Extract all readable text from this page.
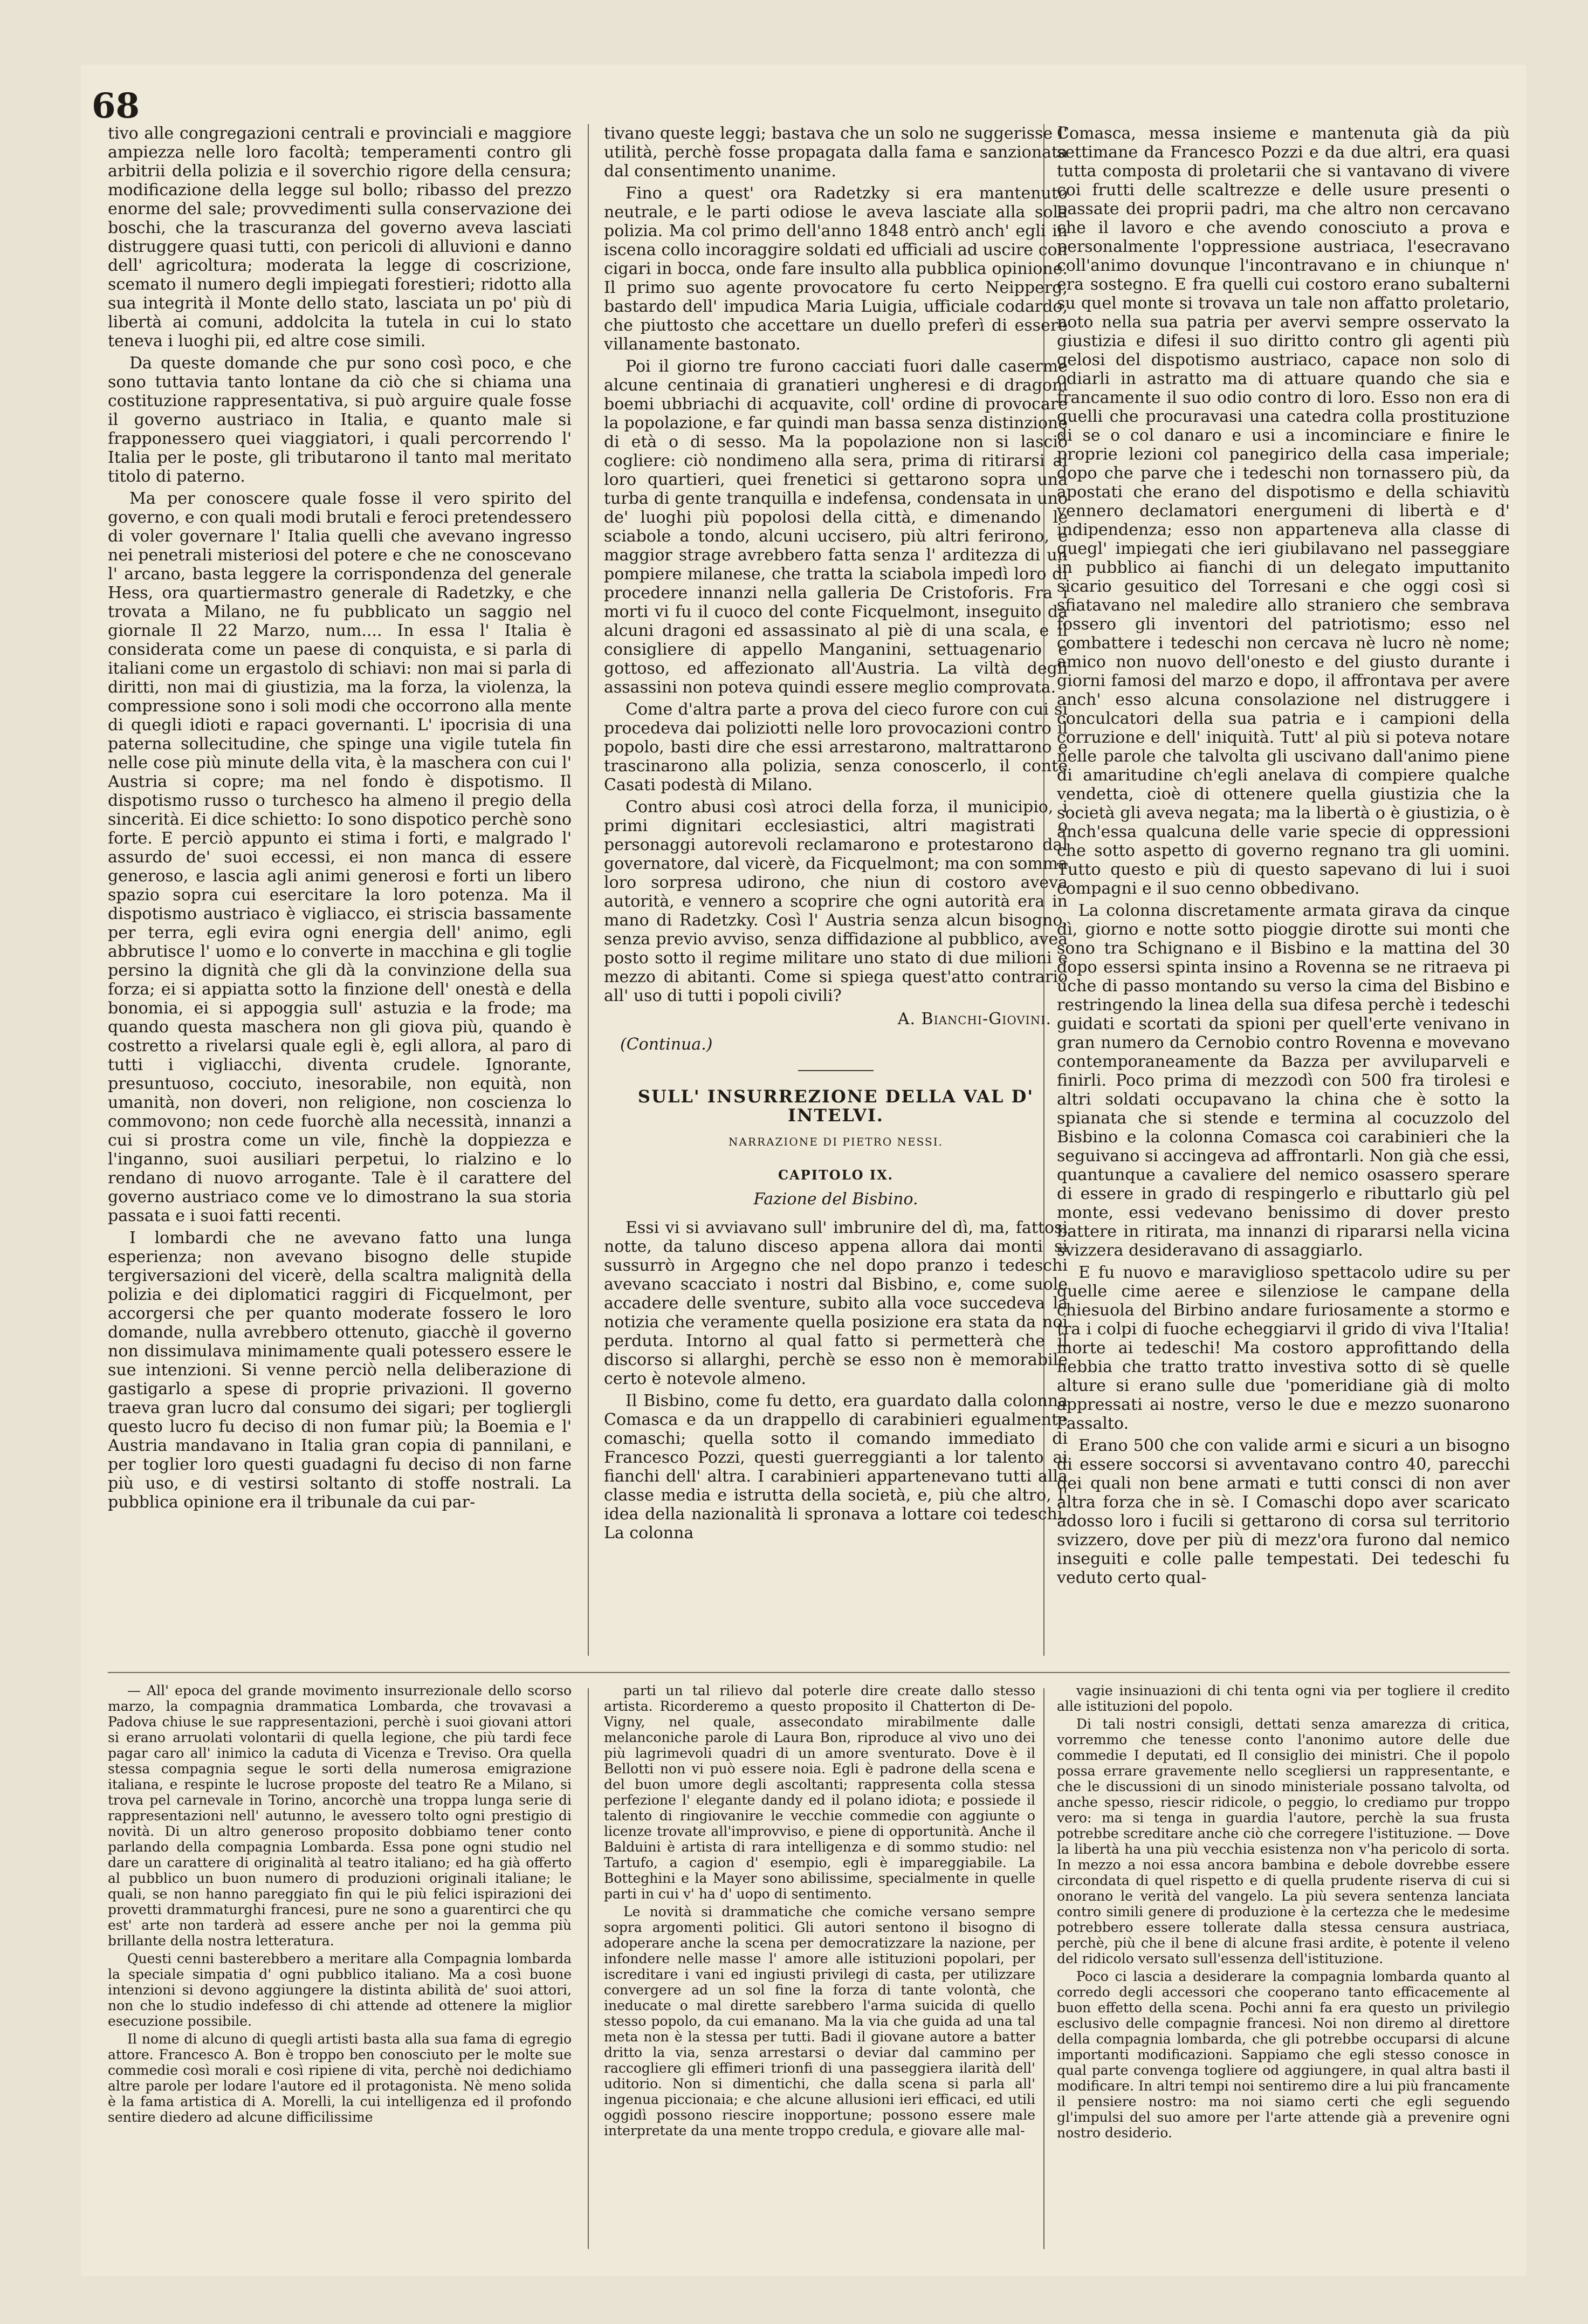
68

tivo alle congregazioni centrali e provinciali e maggiore ampiezza nelle loro facoltà; temperamenti contro gli arbitrii della polizia e il soverchio rigore della censura; modificazione della legge sul bollo; ribasso del prezzo enorme del sale; provvedimenti sulla conservazione dei boschi, che la trascuranza del governo aveva lasciati distruggere quasi tutti, con pericoli di alluvioni e danno dell' agricoltura; moderata la legge di coscrizione, scemato il numero degli impiegati forestieri; ridotto alla sua integrità il Monte dello stato, lasciata un po' più di libertà ai comuni, addolcita la tutela in cui lo stato teneva i luoghi pii, ed altre cose simili.

Da queste domande che pur sono così poco, e che sono tuttavia tanto lontane da ciò che si chiama una costituzione rappresentativa, si può arguire quale fosse il governo austriaco in Italia, e quanto male si frapponessero quei viaggiatori, i quali percorrendo l' Italia per le poste, gli tributarono il tanto mal meritato titolo di paterno.

Ma per conoscere quale fosse il vero spirito del governo, e con quali modi brutali e feroci pretendessero di voler governare l' Italia quelli che avevano ingresso nei penetrali misteriosi del potere e che ne conoscevano l' arcano, basta leggere la corrispondenza del generale Hess, ora quartiermastro generale di Radetzky, e che trovata a Milano, ne fu pubblicato un saggio nel giornale Il 22 Marzo, num.... In essa l' Italia è considerata come un paese di conquista, e si parla di italiani come un ergastolo di schiavi: non mai si parla di diritti, non mai di giustizia, ma la forza, la violenza, la compressione sono i soli modi che occorrono alla mente di quegli idioti e rapaci governanti. L' ipocrisia di una paterna sollecitudine, che spinge una vigile tutela fin nelle cose più minute della vita, è la maschera con cui l' Austria si copre; ma nel fondo è dispotismo. Il dispotismo russo o turchesco ha almeno il pregio della sincerità. Ei dice schietto: Io sono dispotico perchè sono forte. E perciò appunto ei stima i forti, e malgrado l' assurdo de' suoi eccessi, ei non manca di essere generoso, e lascia agli animi generosi e forti un libero spazio sopra cui esercitare la loro potenza. Ma il dispotismo austriaco è vigliacco, ei striscia bassamente per terra, egli evira ogni energia dell' animo, egli abbrutisce l' uomo e lo converte in macchina e gli toglie persino la dignità che gli dà la convinzione della sua forza; ei si appiatta sotto la finzione dell' onestà e della bonomia, ei si appoggia sull' astuzia e la frode; ma quando questa maschera non gli giova più, quando è costretto a rivelarsi quale egli è, egli allora, al paro di tutti i vigliacchi, diventa crudele. Ignorante, presuntuoso, cocciuto, inesorabile, non equità, non umanità, non doveri, non religione, non coscienza lo commovono; non cede fuorchè alla necessità, innanzi a cui si prostra come un vile, finchè la doppiezza e l'inganno, suoi ausiliari perpetui, lo rialzino e lo rendano di nuovo arrogante. Tale è il carattere del governo austriaco come ve lo dimostrano la sua storia passata e i suoi fatti recenti.

I lombardi che ne avevano fatto una lunga esperienza; non avevano bisogno delle stupide tergiversazioni del vicerè, della scaltra malignità della polizia e dei diplomatici raggiri di Ficquelmont, per accorgersi che per quanto moderate fossero le loro domande, nulla avrebbero ottenuto, giacchè il governo non dissimulava minimamente quali potessero essere le sue intenzioni. Si venne perciò nella deliberazione di gastigarlo a spese di proprie privazioni. Il governo traeva gran lucro dal consumo dei sigari; per togliergli questo lucro fu deciso di non fumar più; la Boemia e l' Austria mandavano in Italia gran copia di pannilani, e per toglier loro questi guadagni fu deciso di non farne più uso, e di vestirsi soltanto di stoffe nostrali. La pubblica opinione era il tribunale da cui par-

tivano queste leggi; bastava che un solo ne suggerisse l' utilità, perchè fosse propagata dalla fama e sanzionata dal consentimento unanime.

Fino a quest' ora Radetzky si era mantenuto neutrale, e le parti odiose le aveva lasciate alla sola polizia. Ma col primo dell'anno 1848 entrò anch' egli in iscena collo incoraggire soldati ed ufficiali ad uscire con cigari in bocca, onde fare insulto alla pubblica opinione. Il primo suo agente provocatore fu certo Neipperg, bastardo dell' impudica Maria Luigia, ufficiale codardo, che piuttosto che accettare un duello preferì di essere villanamente bastonato.

Poi il giorno tre furono cacciati fuori dalle caserme alcune centinaia di granatieri ungheresi e di dragoni boemi ubbriachi di acquavite, coll' ordine di provocare la popolazione, e far quindi man bassa senza distinzione di età o di sesso. Ma la popolazione non si lasciò cogliere: ciò nondimeno alla sera, prima di ritirarsi ai loro quartieri, quei frenetici si gettarono sopra una turba di gente tranquilla e indefensa, condensata in uno de' luoghi più popolosi della città, e dimenando le sciabole a tondo, alcuni uccisero, più altri ferirono, e maggior strage avrebbero fatta senza l' arditezza di un pompiere milanese, che tratta la sciabola impedì loro di procedere innanzi nella galleria De Cristoforis. Fra i morti vi fu il cuoco del conte Ficquelmont, inseguito da alcuni dragoni ed assassinato al piè di una scala, e il consigliere di appello Manganini, settuagenario e gottoso, ed affezionato all'Austria. La viltà degli assassini non poteva quindi essere meglio comprovata.

Come d'altra parte a prova del cieco furore con cui si procedeva dai poliziotti nelle loro provocazioni contro il popolo, basti dire che essi arrestarono, maltrattarono e trascinarono alla polizia, senza conoscerlo, il conte Casati podestà di Milano.

Contro abusi così atroci della forza, il municipio, i primi dignitari ecclesiastici, altri magistrati o personaggi autorevoli reclamarono e protestarono dal governatore, dal vicerè, da Ficquelmont; ma con somma loro sorpresa udirono, che niun di costoro aveva autorità, e vennero a scoprire che ogni autorità era in mano di Radetzky. Così l' Austria senza alcun bisogno, senza previo avviso, senza diffidazione al pubblico, avea posto sotto il regime militare uno stato di due milioni e mezzo di abitanti. Come si spiega quest'atto contrario all' uso di tutti i popoli civili?

A. Bianchi-Giovini.
(Continua.)
SULL' INSURREZIONE DELLA VAL D' INTELVI.
NARRAZIONE DI PIETRO NESSI.
CAPITOLO IX.
Fazione del Bisbino.

Essi vi si avviavano sull' imbrunire del dì, ma, fattosi notte, da taluno disceso appena allora dai monti si sussurrò in Argegno che nel dopo pranzo i tedeschi avevano scacciato i nostri dal Bisbino, e, come suole accadere delle sventure, subito alla voce succedeva la notizia che veramente quella posizione era stata da noi perduta. Intorno al qual fatto si permetterà che il discorso si allarghi, perchè se esso non è memorabile certo è notevole almeno.

Il Bisbino, come fu detto, era guardato dalla colonna Comasca e da un drappello di carabinieri egualmente comaschi; quella sotto il comando immediato di Francesco Pozzi, questi guerreggianti a lor talento ai fianchi dell' altra. I carabinieri appartenevano tutti alla classe media e istrutta della società, e, più che altro, l' idea della nazionalità li spronava a lottare coi tedeschi. La colonna

Comasca, messa insieme e mantenuta già da più settimane da Francesco Pozzi e da due altri, era quasi tutta composta di proletarii che si vantavano di vivere coi frutti delle scaltrezze e delle usure presenti o passate dei proprii padri, ma che altro non cercavano che il lavoro e che avendo conosciuto a prova e personalmente l'oppressione austriaca, l'esecravano coll'animo dovunque l'incontravano e in chiunque n' era sostegno. E fra quelli cui costoro erano subalterni su quel monte si trovava un tale non affatto proletario, noto nella sua patria per avervi sempre osservato la giustizia e difesi il suo diritto contro gli agenti più gelosi del dispotismo austriaco, capace non solo di odiarli in astratto ma di attuare quando che sia e francamente il suo odio contro di loro. Esso non era di quelli che procuravasi una catedra colla prostituzione di se o col danaro e usi a incominciare e finire le proprie lezioni col panegirico della casa imperiale; dopo che parve che i tedeschi non tornassero più, da apostati che erano del dispotismo e della schiavitù vennero declamatori energumeni di libertà e d' indipendenza; esso non apparteneva alla classe di quegl' impiegati che ieri giubilavano nel passeggiare in pubblico ai fianchi di un delegato imputtanito sicario gesuitico del Torresani e che oggi così si sfiatavano nel maledire allo straniero che sembrava fossero gli inventori del patriotismo; esso nel combattere i tedeschi non cercava nè lucro nè nome; amico non nuovo dell'onesto e del giusto durante i giorni famosi del marzo e dopo, il affrontava per avere anch' esso alcuna consolazione nel distruggere i conculcatori della sua patria e i campioni della corruzione e dell' iniquità. Tutt' al più si poteva notare nelle parole che talvolta gli uscivano dall'animo piene di amaritudine ch'egli anelava di compiere qualche vendetta, cioè di ottenere quella giustizia che la società gli aveva negata; ma la libertà o è giustizia, o è anch'essa qualcuna delle varie specie di oppressioni che sotto aspetto di governo regnano tra gli uomini. Tutto questo e più di questo sapevano di lui i suoi compagni e il suo cenno obbedivano.

La colonna discretamente armata girava da cinque dì, giorno e notte sotto pioggie dirotte sui monti che sono tra Schignano e il Bisbino e la mattina del 30 dopo essersi spinta insino a Rovenna se ne ritraeva pi úche di passo montando su verso la cima del Bisbino e restringendo la linea della sua difesa perchè i tedeschi guidati e scortati da spioni per quell'erte venivano in gran numero da Cernobio contro Rovenna e movevano contemporaneamente da Bazza per avviluparveli e finirli. Poco prima di mezzodì con 500 fra tirolesi e altri soldati occupavano la china che è sotto la spianata che si stende e termina al cocuzzolo del Bisbino e la colonna Comasca coi carabinieri che la seguivano si accingeva ad affrontarli. Non già che essi, quantunque a cavaliere del nemico osassero sperare di essere in grado di respingerlo e ributtarlo giù pel monte, essi vedevano benissimo di dover presto battere in ritirata, ma innanzi di ripararsi nella vicina svizzera desideravano di assaggiarlo.

E fu nuovo e maraviglioso spettacolo udire su per quelle cime aeree e silenziose le campane della chiesuola del Birbino andare furiosamente a stormo e tra i colpi di fuoche echeggiarvi il grido di viva l'Italia! morte ai tedeschi! Ma costoro approfittando della nebbia che tratto tratto investiva sotto di sè quelle alture si erano sulle due 'pomeridiane già di molto appressati ai nostre, verso le due e mezzo suonarono l'assalto.

Erano 500 che con valide armi e sicuri a un bisogno di essere soccorsi si avventavano contro 40, parecchi dei quali non bene armati e tutti consci di non aver altra forza che in sè. I Comaschi dopo aver scaricato adosso loro i fucili si gettarono di corsa sul territorio svizzero, dove per più di mezz'ora furono dal nemico inseguiti e colle palle tempestati. Dei tedeschi fu veduto certo qual-

— All' epoca del grande movimento insurrezionale dello scorso marzo, la compagnia drammatica Lombarda, che trovavasi a Padova chiuse le sue rappresentazioni, perchè i suoi giovani attori si erano arruolati volontarii di quella legione, che più tardi fece pagar caro all' inimico la caduta di Vicenza e Treviso. Ora quella stessa compagnia segue le sorti della numerosa emigrazione italiana, e respinte le lucrose proposte del teatro Re a Milano, si trova pel carnevale in Torino, ancorchè una troppa lunga serie di rappresentazioni nell' autunno, le avessero tolto ogni prestigio di novità. Di un altro generoso proposito dobbiamo tener conto parlando della compagnia Lombarda. Essa pone ogni studio nel dare un carattere di originalità al teatro italiano; ed ha già offerto al pubblico un buon numero di produzioni originali italiane; le quali, se non hanno pareggiato fin qui le più felici ispirazioni dei provetti drammaturghi francesi, pure ne sono a guarentirci che qu est' arte non tarderà ad essere anche per noi la gemma più brillante della nostra letteratura.

Questi cenni basterebbero a meritare alla Compagnia lombarda la speciale simpatia d' ogni pubblico italiano. Ma a così buone intenzioni si devono aggiungere la distinta abilità de' suoi attori, non che lo studio indefesso di chi attende ad ottenere la miglior esecuzione possibile.

Il nome di alcuno di quegli artisti basta alla sua fama di egregio attore. Francesco A. Bon è troppo ben conosciuto per le molte sue commedie così morali e così ripiene di vita, perchè noi dedichiamo altre parole per lodare l'autore ed il protagonista. Nè meno solida è la fama artistica di A. Morelli, la cui intelligenza ed il profondo sentire diedero ad alcune difficilissime

parti un tal rilievo dal poterle dire create dallo stesso artista. Ricorderemo a questo proposito il Chatterton di De-Vigny, nel quale, assecondato mirabilmente dalle melanconiche parole di Laura Bon, riproduce al vivo uno dei più lagrimevoli quadri di un amore sventurato. Dove è il Bellotti non vi può essere noia. Egli è padrone della scena e del buon umore degli ascoltanti; rappresenta colla stessa perfezione l' elegante dandy ed il polano idiota; e possiede il talento di ringiovanire le vecchie commedie con aggiunte o licenze trovate all'improvviso, e piene di opportunità. Anche il Balduini è artista di rara intelligenza e di sommo studio: nel Tartufo, a cagion d' esempio, egli è impareggiabile. La Botteghini e la Mayer sono abilissime, specialmente in quelle parti in cui v' ha d' uopo di sentimento.

Le novità si drammatiche che comiche versano sempre sopra argomenti politici. Gli autori sentono il bisogno di adoperare anche la scena per democratizzare la nazione, per infondere nelle masse l' amore alle istituzioni popolari, per iscreditare i vani ed ingiusti privilegi di casta, per utilizzare convergere ad un sol fine la forza di tante volontà, che ineducate o mal dirette sarebbero l'arma suicida di quello stesso popolo, da cui emanano. Ma la via che guida ad una tal meta non è la stessa per tutti. Badi il giovane autore a batter dritto la via, senza arrestarsi o deviar dal cammino per raccogliere gli effimeri trionfi di una passeggiera ilarità dell' uditorio. Non si dimentichi, che dalla scena si parla all' ingenua piccionaia; e che alcune allusioni ieri efficaci, ed utili oggidì possono riescire inopportune; possono essere male interpretate da una mente troppo credula, e giovare alle mal-

vagie insinuazioni di chi tenta ogni via per togliere il credito alle istituzioni del popolo.

Di tali nostri consigli, dettati senza amarezza di critica, vorremmo che tenesse conto l'anonimo autore delle due commedie I deputati, ed Il consiglio dei ministri. Che il popolo possa errare gravemente nello scegliersi un rappresentante, e che le discussioni di un sinodo ministeriale possano talvolta, od anche spesso, riescir ridicole, o peggio, lo crediamo pur troppo vero: ma si tenga in guardia l'autore, perchè la sua frusta potrebbe screditare anche ciò che corregere l'istituzione. — Dove la libertà ha una più vecchia esistenza non v'ha pericolo di sorta. In mezzo a noi essa ancora bambina e debole dovrebbe essere circondata di quel rispetto e di quella prudente riserva di cui si onorano le verità del vangelo. La più severa sentenza lanciata contro simili genere di produzione è la certezza che le medesime potrebbero essere tollerate dalla stessa censura austriaca, perchè, più che il bene di alcune frasi ardite, è potente il veleno del ridicolo versato sull'essenza dell'istituzione.

Poco ci lascia a desiderare la compagnia lombarda quanto al corredo degli accessori che cooperano tanto efficacemente al buon effetto della scena. Pochi anni fa era questo un privilegio esclusivo delle compagnie francesi. Noi non diremo al direttore della compagnia lombarda, che gli potrebbe occuparsi di alcune importanti modificazioni. Sappiamo che egli stesso conosce in qual parte convenga togliere od aggiungere, in qual altra basti il modificare. In altri tempi noi sentiremo dire a lui più francamente il pensiere nostro: ma noi siamo certi che egli seguendo gl'impulsi del suo amore per l'arte attende già a prevenire ogni nostro desiderio.
